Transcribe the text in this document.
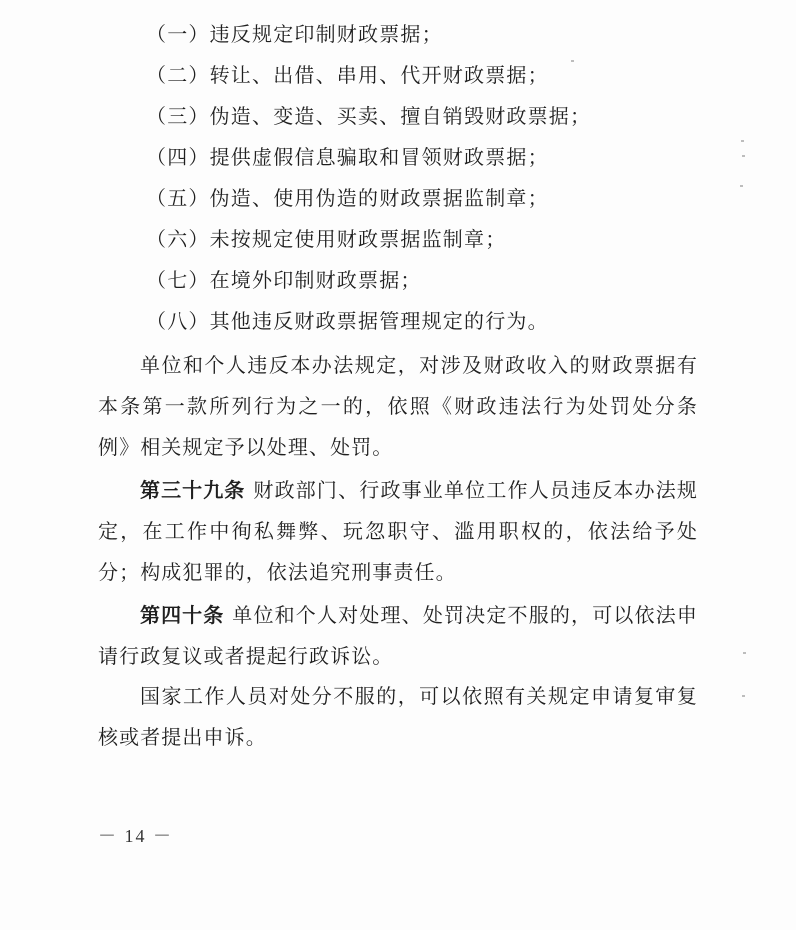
（一）违反规定印制财政票据；
（二）转让、出借、串用、代开财政票据；
（三）伪造、变造、买卖、擅自销毁财政票据；
（四）提供虚假信息骗取和冒领财政票据；
（五）伪造、使用伪造的财政票据监制章；
（六）未按规定使用财政票据监制章；
（七）在境外印制财政票据；
（八）其他违反财政票据管理规定的行为。
单位和个人违反本办法规定，对涉及财政收入的财政票据有本条第一款所列行为之一的，依照《财政违法行为处罚处分条例》相关规定予以处理、处罚。
第三十九条 财政部门、行政事业单位工作人员违反本办法规定，在工作中徇私舞弊、玩忽职守、滥用职权的，依法给予处分；构成犯罪的，依法追究刑事责任。
第四十条 单位和个人对处理、处罚决定不服的，可以依法申请行政复议或者提起行政诉讼。
国家工作人员对处分不服的，可以依照有关规定申请复审复核或者提出申诉。
－ 14 －
